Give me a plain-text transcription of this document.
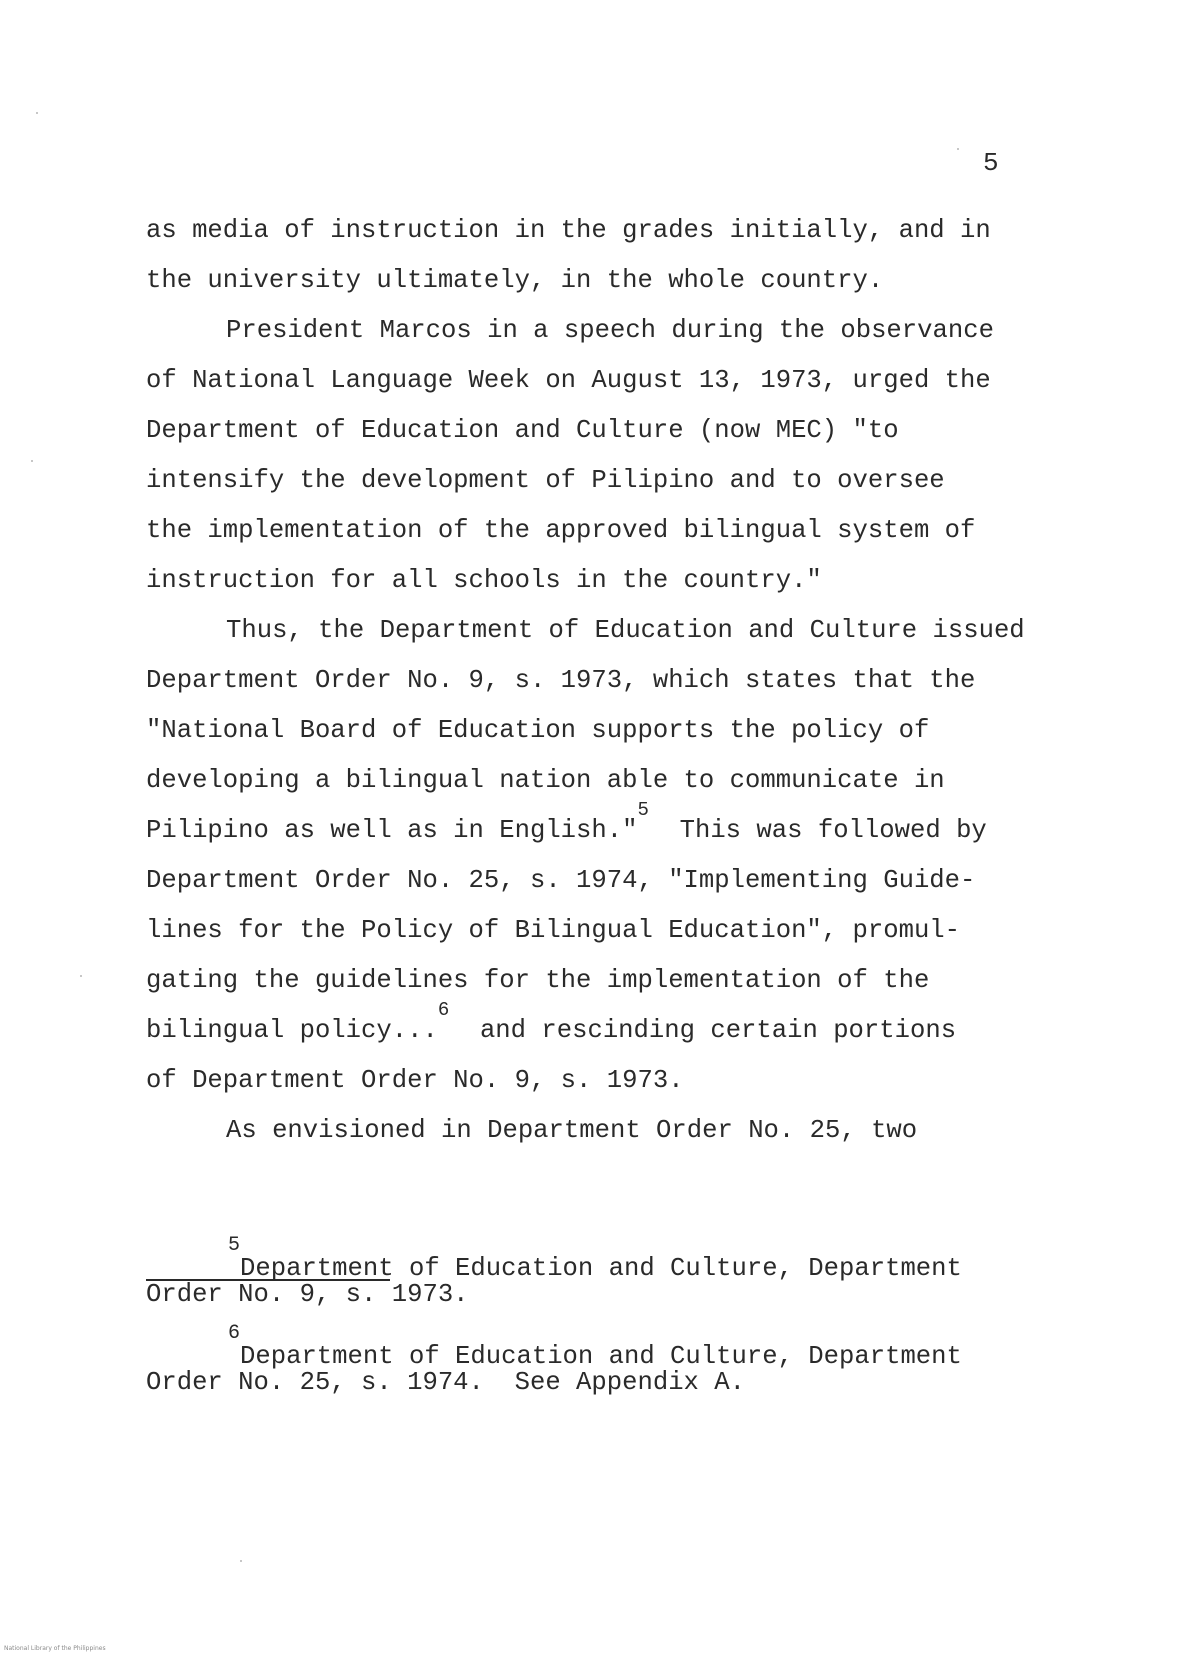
5
as media of instruction in the grades initially, and in
the university ultimately, in the whole country.
President Marcos in a speech during the observance
of National Language Week on August 13, 1973, urged the
Department of Education and Culture (now MEC) "to
intensify the development of Pilipino and to oversee
the implementation of the approved bilingual system of
instruction for all schools in the country."
Thus, the Department of Education and Culture issued
Department Order No. 9, s. 1973, which states that the
"National Board of Education supports the policy of
developing a bilingual nation able to communicate in
Pilipino as well as in English."$^5$  This was followed by
Department Order No. 25, s. 1974, "Implementing Guide-
lines for the Policy of Bilingual Education", promul-
gating the guidelines for the implementation of the
bilingual policy...$^6$  and rescinding certain portions
of Department Order No. 9, s. 1973.
As envisioned in Department Order No. 25, two
$^5$Department of Education and Culture, Department
Order No. 9, s. 1973.
$^6$Department of Education and Culture, Department
Order No. 25, s. 1974.  See Appendix A.
National Library of the Philippines
